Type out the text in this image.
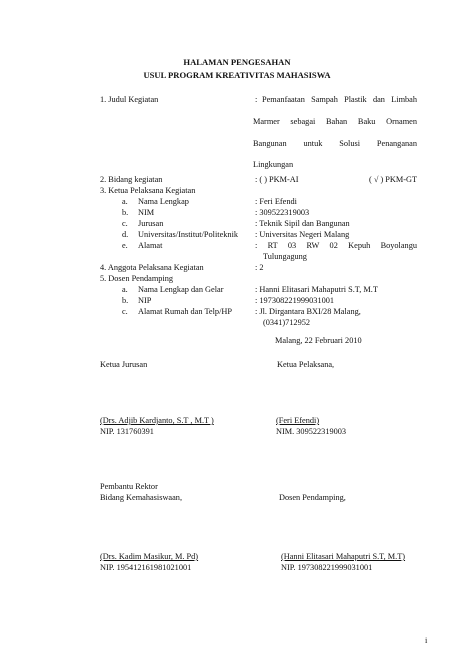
HALAMAN PENGESAHAN
USUL PROGRAM KREATIVITAS MAHASISWA
1. Judul Kegiatan	: Pemanfaatan Sampah Plastik dan Limbah
Marmer sebagai Bahan Baku Ornamen
Bangunan untuk Solusi Penanganan
Lingkungan
2. Bidang kegiatan	: ( ) PKM-AI	( √ ) PKM-GT
3. Ketua Pelaksana Kegiatan
a. Nama Lengkap	: Feri Efendi
b. NIM	: 309522319003
c. Jurusan	: Teknik Sipil dan Bangunan
d. Universitas/Institut/Politeknik : Universitas Negeri Malang
e. Alamat	: RT 03 RW 02 Kepuh Boyolangu
Tulungagung
4. Anggota Pelaksana Kegiatan	: 2
5. Dosen Pendamping
a. Nama Lengkap dan Gelar	: Hanni Elitasari Mahaputri S.T, M.T
b. NIP	: 197308221999031001
c. Alamat Rumah dan Telp/HP	: Jl. Dirgantara BXI/28 Malang,
(0341)712952
Malang, 22 Februari 2010
Ketua Jurusan	Ketua Pelaksana,
(Drs. Adjib Kardjanto, S.T , M.T )	(Feri Efendi)
NIP. 131760391	NIM. 309522319003
Pembantu Rektor
Bidang Kemahasiswaan,	Dosen Pendamping,
(Drs. Kadim Masikur, M. Pd)	(Hanni Elitasari Mahaputri S.T, M.T)
NIP. 195412161981021001	NIP. 197308221999031001
i
